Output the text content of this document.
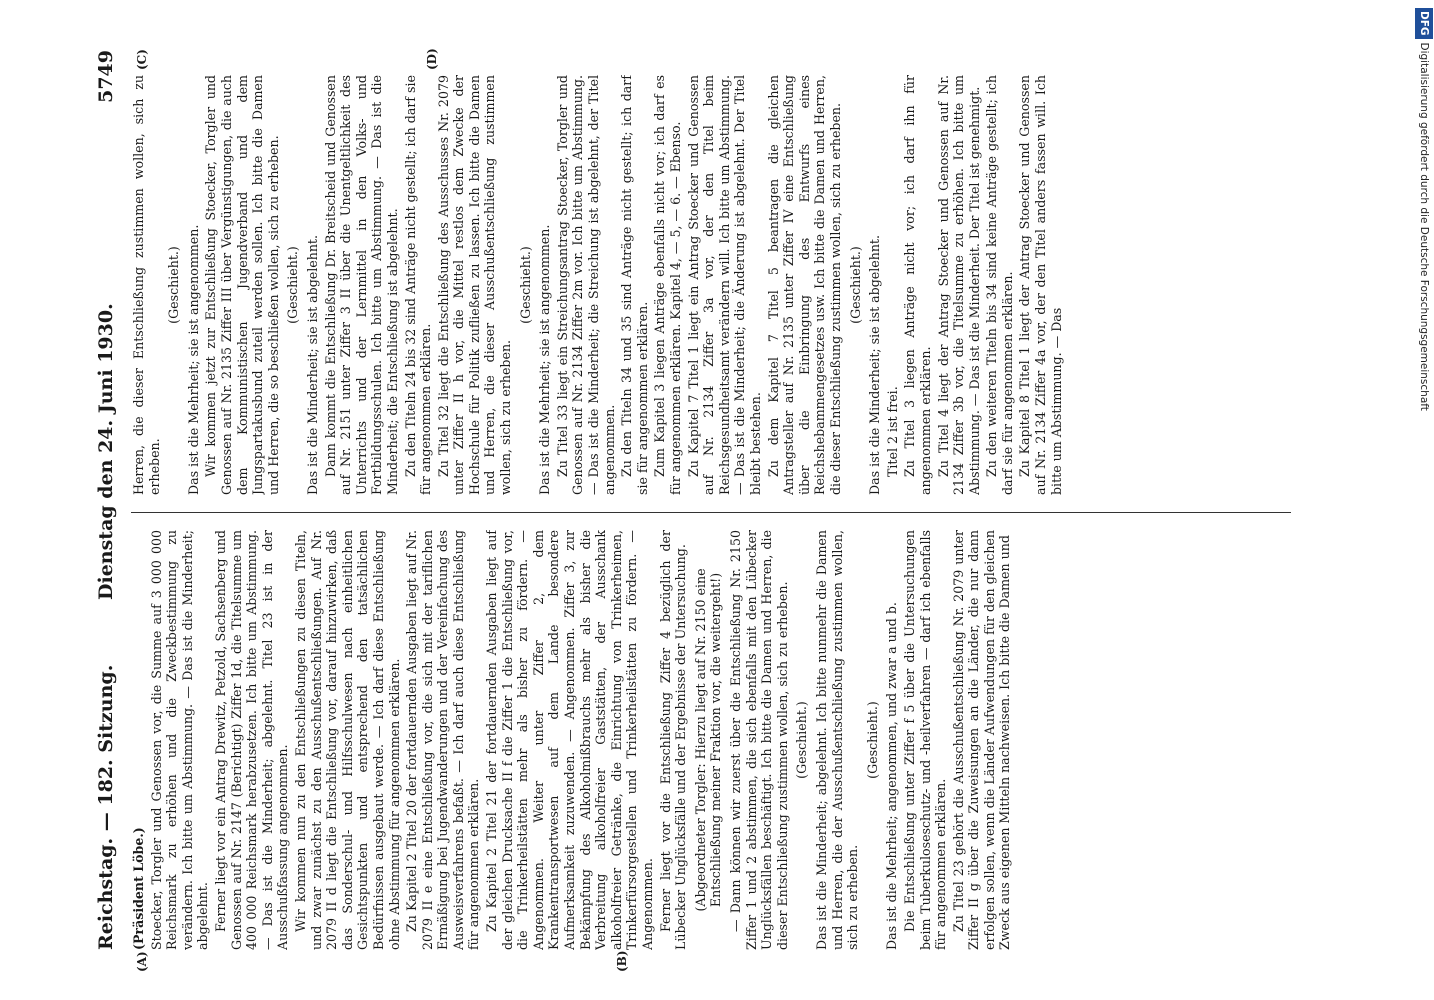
Reichstag. — 182. Sitzung.
Dienstag den 24. Juni 1930.
5749
(A)	(B)
(C)	(D)
(Präsident Löbe.) Stoecker, Torgler und Genossen vor, die Summe auf 3 000 000 Reichsmark zu erhöhen und die Zweckbestimmung zu verändern. Ich bitte um Abstimmung. — Das ist die Minderheit; abgelehnt. Ferner liegt vor ein Antrag Drewitz, Petzold, Sachsenberg und Genossen auf Nr. 2147 (Berichtigt) Ziffer 1d, die Titelsumme um 400 000 Reichsmark herabzusetzen. Ich bitte um Abstimmung. — Das ist die Minderheit; abgelehnt. Titel 23 ist in der Ausschußfassung angenommen. Wir kommen nun zu den Entschließungen zu diesen Titeln, und zwar zunächst zu den Ausschußentschließungen. Auf Nr. 2079 II d liegt die Entschließung vor, darauf hinzuwirken, daß das Sonderschul- und Hilfsschulwesen nach einheitlichen Gesichtspunkten und entsprechend den tatsächlichen Bedürfnissen ausgebaut werde. — Ich darf diese Entschließung ohne Abstimmung für angenommen erklären. Zu Kapitel 2 Titel 20 der fortdauernden Ausgaben liegt auf Nr. 2079 II e eine Entschließung vor, die sich mit der tariflichen Ermäßigung bei Jugendwanderungen und der Vereinfachung des Ausweisverfahrens befaßt. — Ich darf auch diese Entschließung für angenommen erklären. Zu Kapitel 2 Titel 21 der fortdauernden Ausgaben liegt auf der gleichen Drucksache II f die Ziffer 1 die Entschließung vor, die Trinkerheilstätten mehr als bisher zu fördern. — Angenommen. Weiter unter Ziffer 2, dem Krankentransportwesen auf dem Lande besondere Aufmerksamkeit zuzuwenden. — Angenommen. Ziffer 3, zur Bekämpfung des Alkoholmißbrauchs mehr als bisher die Verbreitung alkoholfreier Gaststätten, der Ausschank alkoholfreier Getränke, die Einrichtung von Trinkerheimen, Trinkerfürsorgestellen und Trinkerheilstätten zu fördern. — Angenommen. Ferner liegt vor die Entschließung Ziffer 4 bezüglich der Lübecker Unglücksfälle und der Ergebnisse der Untersuchung. (Abgeordneter Torgler: Hierzu liegt auf Nr. 2150 eine Entschließung meiner Fraktion vor, die weitergeht!) — Dann können wir zuerst über die Entschließung Nr. 2150 Ziffer 1 und 2 abstimmen, die sich ebenfalls mit den Lübecker Unglücksfällen beschäftigt. Ich bitte die Damen und Herren, die dieser Entschließung zustimmen wollen, sich zu erheben. (Geschieht.) Das ist die Minderheit; abgelehnt. Ich bitte nunmehr die Damen und Herren, die der Ausschußentschließung zustimmen wollen, sich zu erheben.

(Geschieht.) Das ist die Mehrheit; angenommen, und zwar a und b. Die Entschließung unter Ziffer f 5 über die Untersuchungen beim Tuberkuloseschutz- und -heilverfahren — darf ich ebenfalls für angenommen erklären. Zu Titel 23 gehört die Ausschußentschließung Nr. 2079 unter Ziffer II g über die Zuweisungen an die Länder, die nur dann erfolgen sollen, wenn die Länder Aufwendungen für den gleichen Zweck aus eigenen Mitteln nachweisen. Ich bitte die Damen und

Herren, die dieser Entschließung zustimmen wollen, sich zu erheben.

(Geschieht.) Das ist die Mehrheit; sie ist angenommen. Wir kommen jetzt zur Entschließung Stoecker, Torgler und Genossen auf Nr. 2135 Ziffer III über Vergünstigungen, die auch dem Kommunistischen Jugendverband und dem Jungspartakusbund zuteil werden sollen. Ich bitte die Damen und Herren, die so beschließen wollen, sich zu erheben. (Geschieht.) Das ist die Minderheit; sie ist abgelehnt. Dann kommt die Entschließung Dr. Breitscheid und Genossen auf Nr. 2151 unter Ziffer 3 II über die Unentgeltlichkeit des Unterrichts und der Lernmittel in den Volks- und Fortbildungsschulen. Ich bitte um Abstimmung. — Das ist die Minderheit; die Entschließung ist abgelehnt. Zu den Titeln 24 bis 32 sind Anträge nicht gestellt; ich darf sie für angenommen erklären. Zu Titel 32 liegt die Entschließung des Ausschusses Nr. 2079 unter Ziffer II h vor, die Mittel restlos dem Zwecke der Hochschule für Politik zufließen zu lassen. Ich bitte die Damen und Herren, die dieser Ausschußentschließung zustimmen wollen, sich zu erheben.

(Geschieht.) Das ist die Mehrheit; sie ist angenommen. Zu Titel 33 liegt ein Streichungsantrag Stoecker, Torgler und Genossen auf Nr. 2134 Ziffer 2m vor. Ich bitte um Abstimmung. — Das ist die Minderheit; die Streichung ist abgelehnt, der Titel angenommen. Zu den Titeln 34 und 35 sind Anträge nicht gestellt; ich darf sie für angenommen erklären. Zum Kapitel 3 liegen Anträge ebenfalls nicht vor; ich darf es für angenommen erklären. Kapitel 4, — 5, — 6. — Ebenso. Zu Kapitel 7 Titel 1 liegt ein Antrag Stoecker und Genossen auf Nr. 2134 Ziffer 3a vor, der den Titel beim Reichsgesundheitsamt verändern will. Ich bitte um Abstimmung. — Das ist die Minderheit; die Änderung ist abgelehnt. Der Titel bleibt bestehen. Zu dem Kapitel 7 Titel 5 beantragen die gleichen Antragsteller auf Nr. 2135 unter Ziffer IV eine Entschließung über die Einbringung des Entwurfs eines Reichshebammengesetzes usw. Ich bitte die Damen und Herren, die dieser Entschließung zustimmen wollen, sich zu erheben. (Geschieht.) Das ist die Minderheit; sie ist abgelehnt. Titel 2 ist frei. Zu Titel 3 liegen Anträge nicht vor; ich darf ihn für angenommen erklären. Zu Titel 4 liegt der Antrag Stoecker und Genossen auf Nr. 2134 Ziffer 3b vor, die Titelsumme zu erhöhen. Ich bitte um Abstimmung. — Das ist die Minderheit. Der Titel ist genehmigt. Zu den weiteren Titeln bis 34 sind keine Anträge gestellt; ich darf sie für angenommen erklären. Zu Kapitel 8 Titel 1 liegt der Antrag Stoecker und Genossen auf Nr. 2134 Ziffer 4a vor, der den Titel anders fassen will. Ich bitte um Abstimmung. — Das

DFGDigitalisierung gefördert durch die Deutsche Forschungsgemeinschaft
